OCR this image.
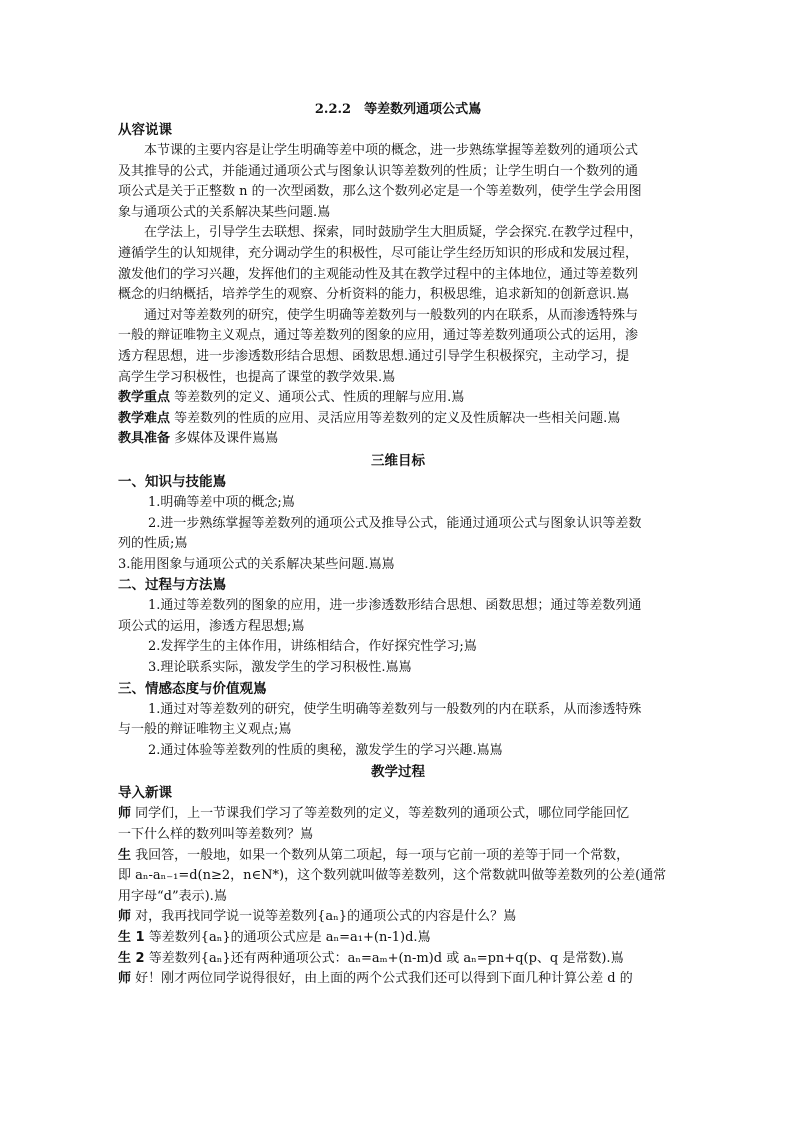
2.2.2　等差数列通项公式嶌
从容说课
本节课的主要内容是让学生明确等差中项的概念，进一步熟练掌握等差数列的通项公式
及其推导的公式，并能通过通项公式与图象认识等差数列的性质；让学生明白一个数列的通
项公式是关于正整数 n 的一次型函数，那么这个数列必定是一个等差数列，使学生学会用图
象与通项公式的关系解决某些问题.嶌
在学法上，引导学生去联想、探索，同时鼓励学生大胆质疑，学会探究.在教学过程中，
遵循学生的认知规律，充分调动学生的积极性，尽可能让学生经历知识的形成和发展过程，
激发他们的学习兴趣，发挥他们的主观能动性及其在教学过程中的主体地位，通过等差数列
概念的归纳概括，培养学生的观察、分析资料的能力，积极思维，追求新知的创新意识.嶌
通过对等差数列的研究，使学生明确等差数列与一般数列的内在联系，从而渗透特殊与
一般的辩证唯物主义观点，通过等差数列的图象的应用，通过等差数列通项公式的运用，渗
透方程思想，进一步渗透数形结合思想、函数思想.通过引导学生积极探究，主动学习，提
高学生学习积极性，也提高了课堂的教学效果.嶌
教学重点 等差数列的定义、通项公式、性质的理解与应用.嶌
教学难点 等差数列的性质的应用、灵活应用等差数列的定义及性质解决一些相关问题.嶌
教具准备 多媒体及课件嶌嶌
三维目标
一、知识与技能嶌
1.明确等差中项的概念;嶌
2.进一步熟练掌握等差数列的通项公式及推导公式，能通过通项公式与图象认识等差数
列的性质;嶌
3.能用图象与通项公式的关系解决某些问题.嶌嶌
二、过程与方法嶌
1.通过等差数列的图象的应用，进一步渗透数形结合思想、函数思想；通过等差数列通
项公式的运用，渗透方程思想;嶌
2.发挥学生的主体作用，讲练相结合，作好探究性学习;嶌
3.理论联系实际，激发学生的学习积极性.嶌嶌
三、情感态度与价值观嶌
1.通过对等差数列的研究，使学生明确等差数列与一般数列的内在联系，从而渗透特殊
与一般的辩证唯物主义观点;嶌
2.通过体验等差数列的性质的奥秘，激发学生的学习兴趣.嶌嶌
教学过程
导入新课
师 同学们，上一节课我们学习了等差数列的定义，等差数列的通项公式，哪位同学能回忆
一下什么样的数列叫等差数列？嶌
生 我回答，一般地，如果一个数列从第二项起，每一项与它前一项的差等于同一个常数，
即 aₙ-aₙ₋₁=d(n≥2，n∈N*)，这个数列就叫做等差数列，这个常数就叫做等差数列的公差(通常
用字母“d”表示).嶌
师 对，我再找同学说一说等差数列{aₙ}的通项公式的内容是什么？嶌
生 1 等差数列{aₙ}的通项公式应是 aₙ=a₁+(n-1)d.嶌
生 2 等差数列{aₙ}还有两种通项公式：aₙ=aₘ+(n-m)d 或 aₙ=pn+q(p、q 是常数).嶌
师 好！刚才两位同学说得很好，由上面的两个公式我们还可以得到下面几种计算公差 d 的
